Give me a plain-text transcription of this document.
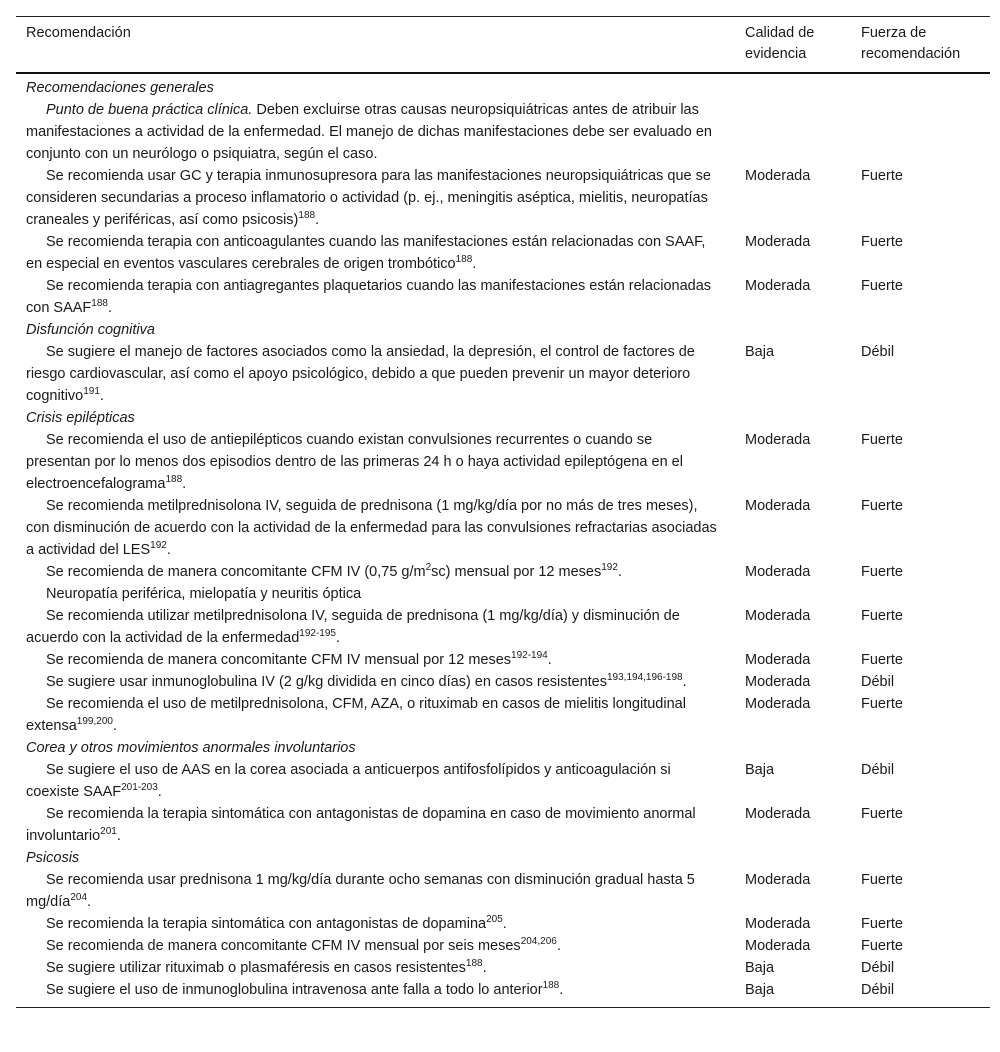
Recomendación	Calidad de evidencia	Fuerza de recomendación
Recomendaciones generales		
Punto de buena práctica clínica. Deben excluirse otras causas neuropsiquiátricas antes de atribuir las manifestaciones a actividad de la enfermedad. El manejo de dichas manifestaciones debe ser evaluado en conjunto con un neurólogo o psiquiatra, según el caso.		
Se recomienda usar GC y terapia inmunosupresora para las manifestaciones neuropsiquiátricas que se consideren secundarias a proceso inflamatorio o actividad (p. ej., meningitis aséptica, mielitis, neuropatías craneales y periféricas, así como psicosis)$^{188}$.	Moderada	Fuerte
Se recomienda terapia con anticoagulantes cuando las manifestaciones están relacionadas con SAAF, en especial en eventos vasculares cerebrales de origen trombótico$^{188}$.	Moderada	Fuerte
Se recomienda terapia con antiagregantes plaquetarios cuando las manifestaciones están relacionadas con SAAF$^{188}$.	Moderada	Fuerte
Disfunción cognitiva		
Se sugiere el manejo de factores asociados como la ansiedad, la depresión, el control de factores de riesgo cardiovascular, así como el apoyo psicológico, debido a que pueden prevenir un mayor deterioro cognitivo$^{191}$.	Baja	Débil
Crisis epilépticas		
Se recomienda el uso de antiepilépticos cuando existan convulsiones recurrentes o cuando se presentan por lo menos dos episodios dentro de las primeras 24 h o haya actividad epileptógena en el electroencefalograma$^{188}$.	Moderada	Fuerte
Se recomienda metilprednisolona IV, seguida de prednisona (1 mg/kg/día por no más de tres meses), con disminución de acuerdo con la actividad de la enfermedad para las convulsiones refractarias asociadas a actividad del LES$^{192}$.	Moderada	Fuerte
Se recomienda de manera concomitante CFM IV (0,75 $g/m^2sc$) mensual por 12 meses$^{192}$.	Moderada	Fuerte
Neuropatía periférica, mielopatía y neuritis óptica		
Se recomienda utilizar metilprednisolona IV, seguida de prednisona (1 mg/kg/día) y disminución de acuerdo con la actividad de la enfermedad$^{192-195}$.	Moderada	Fuerte
Se recomienda de manera concomitante CFM IV mensual por 12 meses$^{192-194}$.	Moderada	Fuerte
Se sugiere usar inmunoglobulina IV (2 g/kg dividida en cinco días) en casos resistentes$^{193,194,196-198}$.	Moderada	Débil
Se recomienda el uso de metilprednisolona, CFM, AZA, o rituximab en casos de mielitis longitudinal extensa$^{199,200}$.	Moderada	Fuerte
Corea y otros movimientos anormales involuntarios		
Se sugiere el uso de AAS en la corea asociada a anticuerpos antifosfolípidos y anticoagulación si coexiste SAAF$^{201-203}$.	Baja	Débil
Se recomienda la terapia sintomática con antagonistas de dopamina en caso de movimiento anormal involuntario$^{201}$.	Moderada	Fuerte
Psicosis		
Se recomienda usar prednisona 1 mg/kg/día durante ocho semanas con disminución gradual hasta 5 mg/día$^{204}$.	Moderada	Fuerte
Se recomienda la terapia sintomática con antagonistas de dopamina$^{205}$.	Moderada	Fuerte
Se recomienda de manera concomitante CFM IV mensual por seis meses$^{204,206}$.	Moderada	Fuerte
Se sugiere utilizar rituximab o plasmaféresis en casos resistentes$^{188}$.	Baja	Débil
Se sugiere el uso de inmunoglobulina intravenosa ante falla a todo lo anterior$^{188}$.	Baja	Débil
